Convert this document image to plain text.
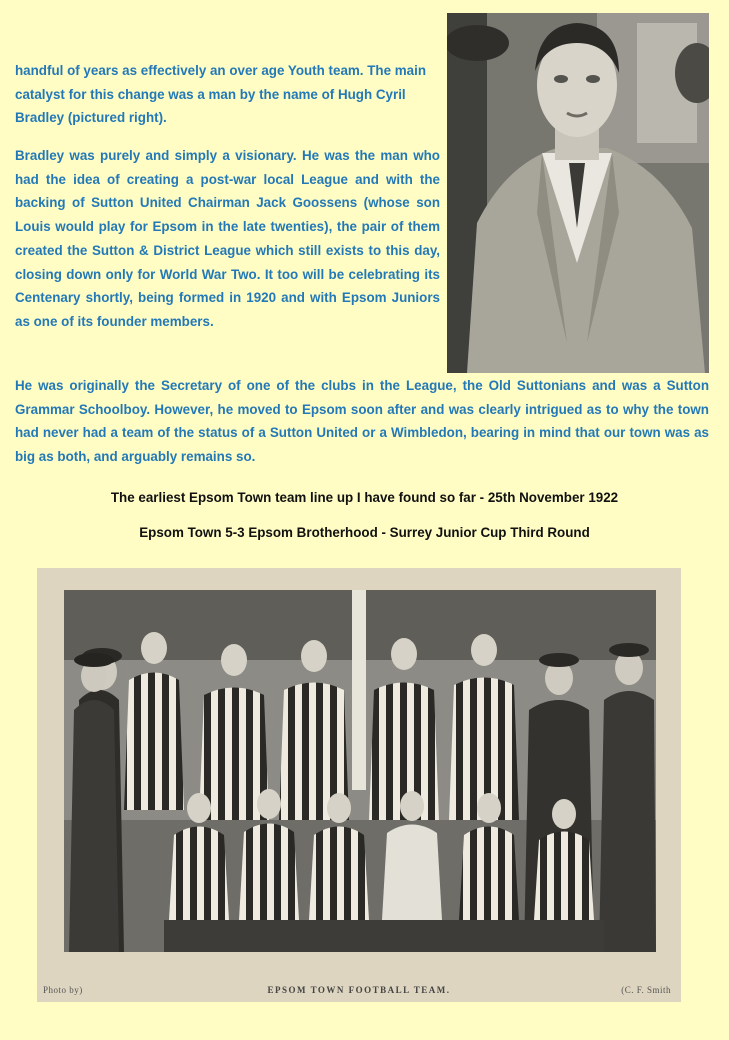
handful of years as effectively an over age Youth team. The main catalyst for this change was a man by the name of Hugh Cyril Bradley (pictured right).

Bradley was purely and simply a visionary. He was the man who had the idea of creating a post-war local League and with the backing of Sutton United Chairman Jack Goossens (whose son Louis would play for Epsom in the late twenties), the pair of them created the Sutton & District League which still exists to this day, closing down only for World War Two. It too will be celebrating its Centenary shortly, being formed in 1920 and with Epsom Juniors as one of its founder members.

He was originally the Secretary of one of the clubs in the League, the Old Suttonians and was a Sutton Grammar Schoolboy. However, he moved to Epsom soon after and was clearly intrigued as to why the town had never had a team of the status of a Sutton United or a Wimbledon, bearing in mind that our town was as big as both, and arguably remains so.

The earliest Epsom Town team line up I have found so far - 25th November 1922

Epsom Town 5-3 Epsom Brotherhood - Surrey Junior Cup Third Round

Photo by)	EPSOM TOWN FOOTBALL TEAM.	(C. F. Smith
